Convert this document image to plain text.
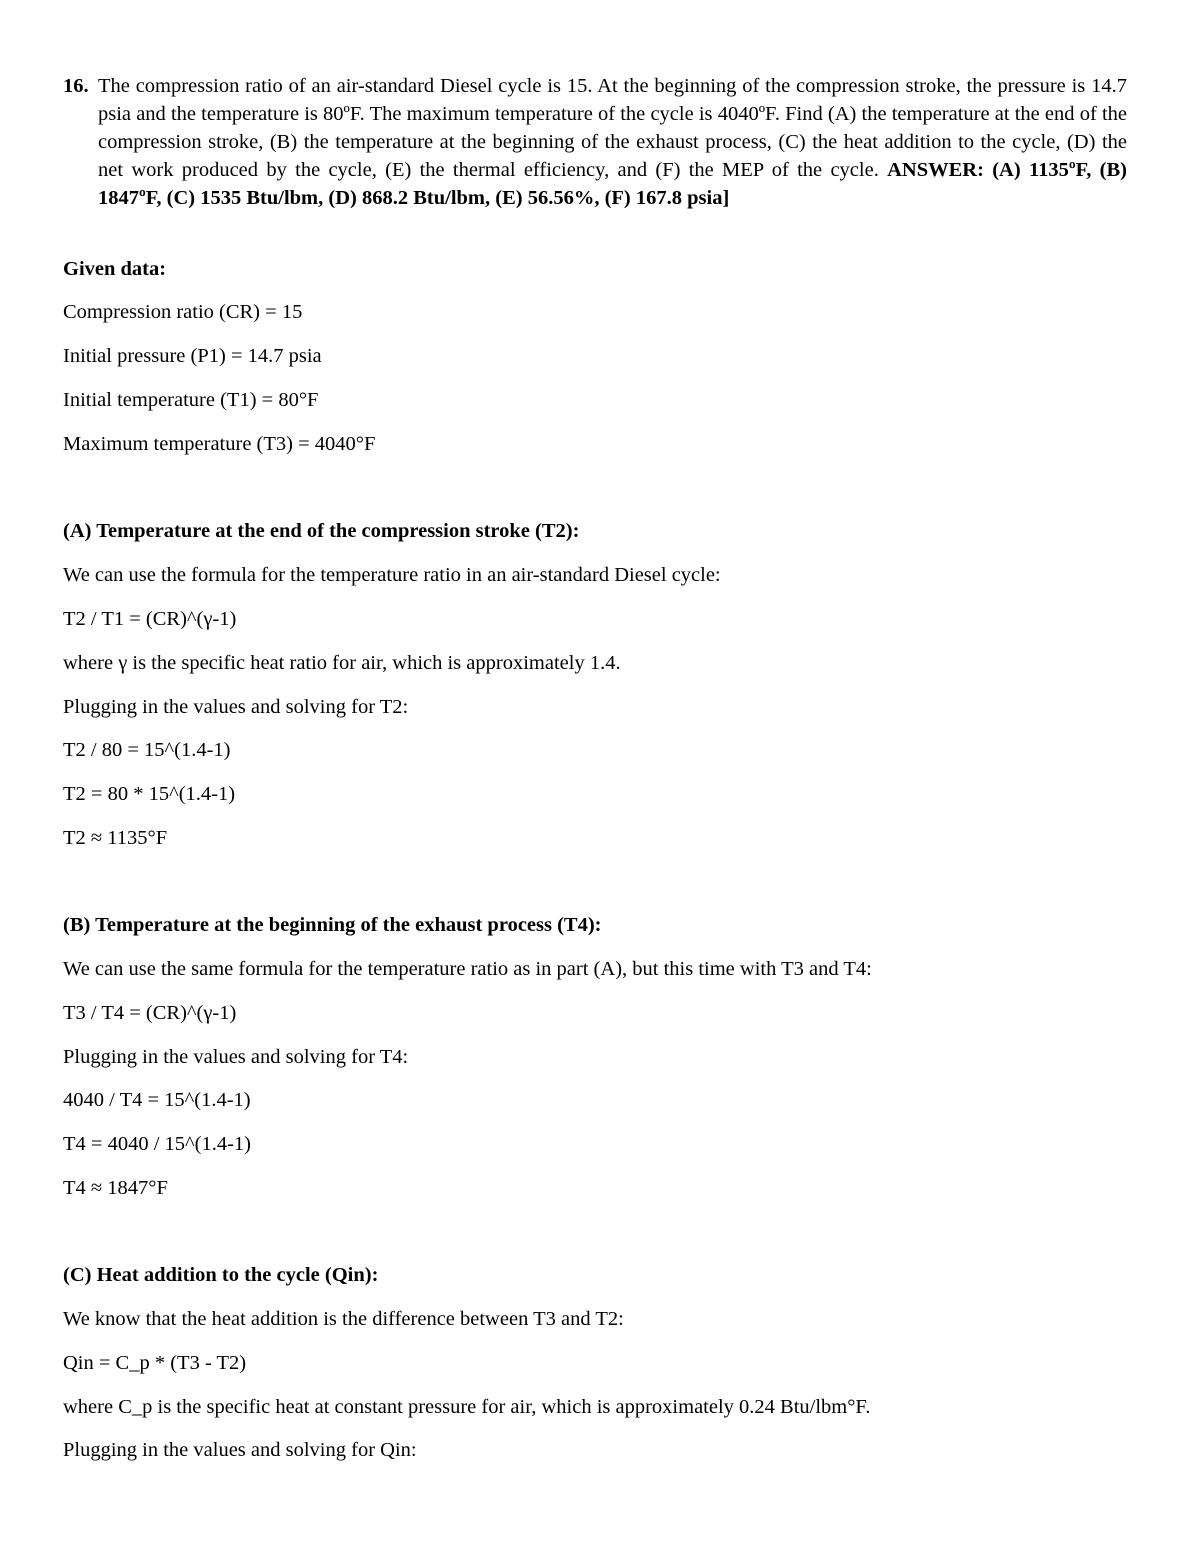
16. The compression ratio of an air-standard Diesel cycle is 15. At the beginning of the compression stroke, the pressure is 14.7 psia and the temperature is 80ºF. The maximum temperature of the cycle is 4040ºF. Find (A) the temperature at the end of the compression stroke, (B) the temperature at the beginning of the exhaust process, (C) the heat addition to the cycle, (D) the net work produced by the cycle, (E) the thermal efficiency, and (F) the MEP of the cycle. ANSWER: (A) 1135ºF, (B) 1847ºF, (C) 1535 Btu/lbm, (D) 868.2 Btu/lbm, (E) 56.56%, (F) 167.8 psia]
Given data:
Compression ratio (CR) = 15
Initial pressure (P1) = 14.7 psia
Initial temperature (T1) = 80°F
Maximum temperature (T3) = 4040°F
(A) Temperature at the end of the compression stroke (T2):
We can use the formula for the temperature ratio in an air-standard Diesel cycle:
T2 / T1 = (CR)^(γ-1)
where γ is the specific heat ratio for air, which is approximately 1.4.
Plugging in the values and solving for T2:
T2 / 80 = 15^(1.4-1)
T2 = 80 * 15^(1.4-1)
T2 ≈ 1135°F
(B) Temperature at the beginning of the exhaust process (T4):
We can use the same formula for the temperature ratio as in part (A), but this time with T3 and T4:
T3 / T4 = (CR)^(γ-1)
Plugging in the values and solving for T4:
4040 / T4 = 15^(1.4-1)
T4 = 4040 / 15^(1.4-1)
T4 ≈ 1847°F
(C) Heat addition to the cycle (Qin):
We know that the heat addition is the difference between T3 and T2:
Qin = C_p * (T3 - T2)
where C_p is the specific heat at constant pressure for air, which is approximately 0.24 Btu/lbm°F.
Plugging in the values and solving for Qin:
